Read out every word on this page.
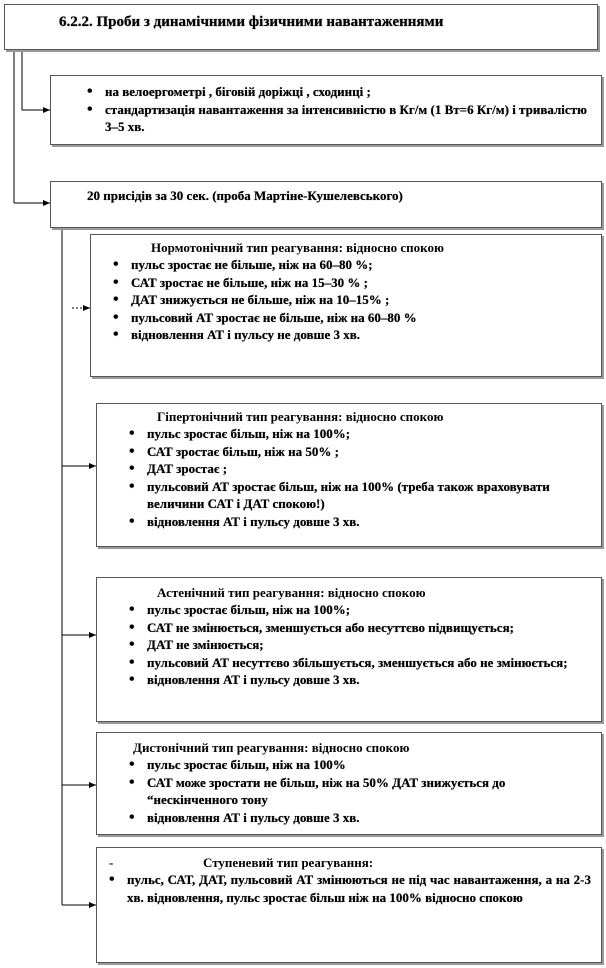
6.2.2. Проби з динамічними фізичними навантаженнями
• на велоергометрі , біговій доріжці , сходинці ;
• стандартизація навантаження за інтенсивністю в Кг/м (1 Вт=6 Кг/м) і тривалістю 3–5 хв.
20 присідів за 30 сек. (проба Мартіне-Кушелевського)
Нормотонічний тип реагування: відносно спокою
• пульс зростає не більше, ніж на 60–80 %;
• САТ зростає не більше, ніж на 15–30 % ;
• ДАТ знижується не більше, ніж на 10–15% ;
• пульсовий АТ зростає не більше, ніж на 60–80 %
• відновлення АТ і пульсу не довше 3 хв.
Гіпертонічний тип реагування: відносно спокою
• пульс зростає більш, ніж на 100%;
• САТ зростає більш, ніж на 50% ;
• ДАТ зростає ;
• пульсовий АТ зростає більш, ніж на 100% (треба також враховувати величини САТ і ДАТ спокою!)
• відновлення АТ і пульсу довше 3 хв.
Астенічний тип реагування: відносно спокою
• пульс зростає більш, ніж на 100%;
• САТ не змінюється, зменшується або несуттєво підвищується;
• ДАТ не змінюється;
• пульсовий АТ несуттєво збільшується, зменшується або не змінюється;
• відновлення АТ і пульсу довше 3 хв.
Дистонічний тип реагування: відносно спокою
• пульс зростає більш, ніж на 100%
• САТ може зростати не більш, ніж на 50% ДАТ знижується до “нескінченного тону
• відновлення АТ і пульсу довше 3 хв.
-	Ступеневий тип реагування:
• пульс, САТ, ДАТ, пульсовий АТ змінюються не під час навантаження, а на 2-3 хв. відновлення, пульс зростає більш ніж на 100% відносно спокою
